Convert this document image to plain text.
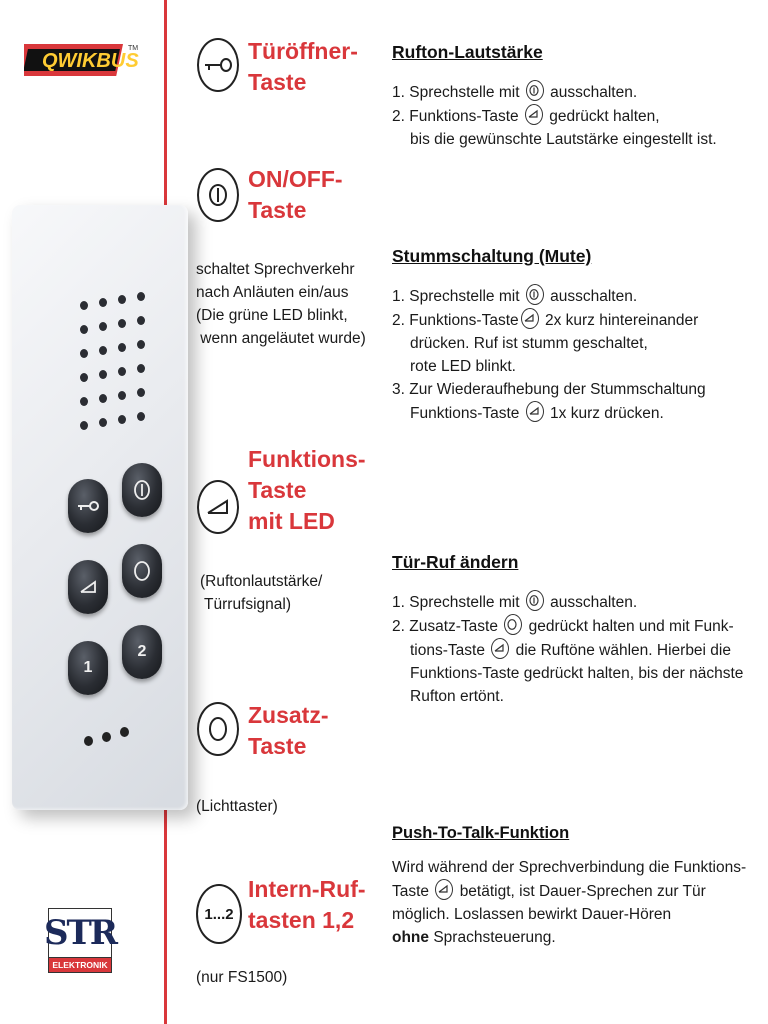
QWIKBUS
TM
1
2
STR
ELEKTRONIK
Türöffner-
Taste
ON/OFF-
Taste
schaltet Sprechverkehr
nach Anläuten ein/aus
(Die grüne LED blinkt,
wenn angeläutet wurde)
Funktions-
Taste
mit LED
(Ruftonlautstärke/
Türrufsignal)
Zusatz-
Taste
(Lichttaster)
1...2
Intern-Ruf-
tasten 1,2
(nur FS1500)
Rufton-Lautstärke
1. Sprechstelle mit ausschalten.
2. Funktions-Taste gedrückt halten,
bis die gewünschte Lautstärke eingestellt ist.
Stummschaltung (Mute)
1. Sprechstelle mit ausschalten.
2. Funktions-Taste 2x kurz hintereinander
drücken. Ruf ist stumm geschaltet,
rote LED blinkt.
3. Zur Wiederaufhebung der Stummschaltung
Funktions-Taste 1x kurz drücken.
Tür-Ruf ändern
1. Sprechstelle mit ausschalten.
2. Zusatz-Taste gedrückt halten und mit Funk-
tions-Taste die Ruftöne wählen. Hierbei die
Funktions-Taste gedrückt halten, bis der nächste
Rufton ertönt.
Push-To-Talk-Funktion
Wird während der Sprechverbindung die Funktions-
Taste betätigt, ist Dauer-Sprechen zur Tür
möglich. Loslassen bewirkt Dauer-Hören
ohne Sprachsteuerung.
